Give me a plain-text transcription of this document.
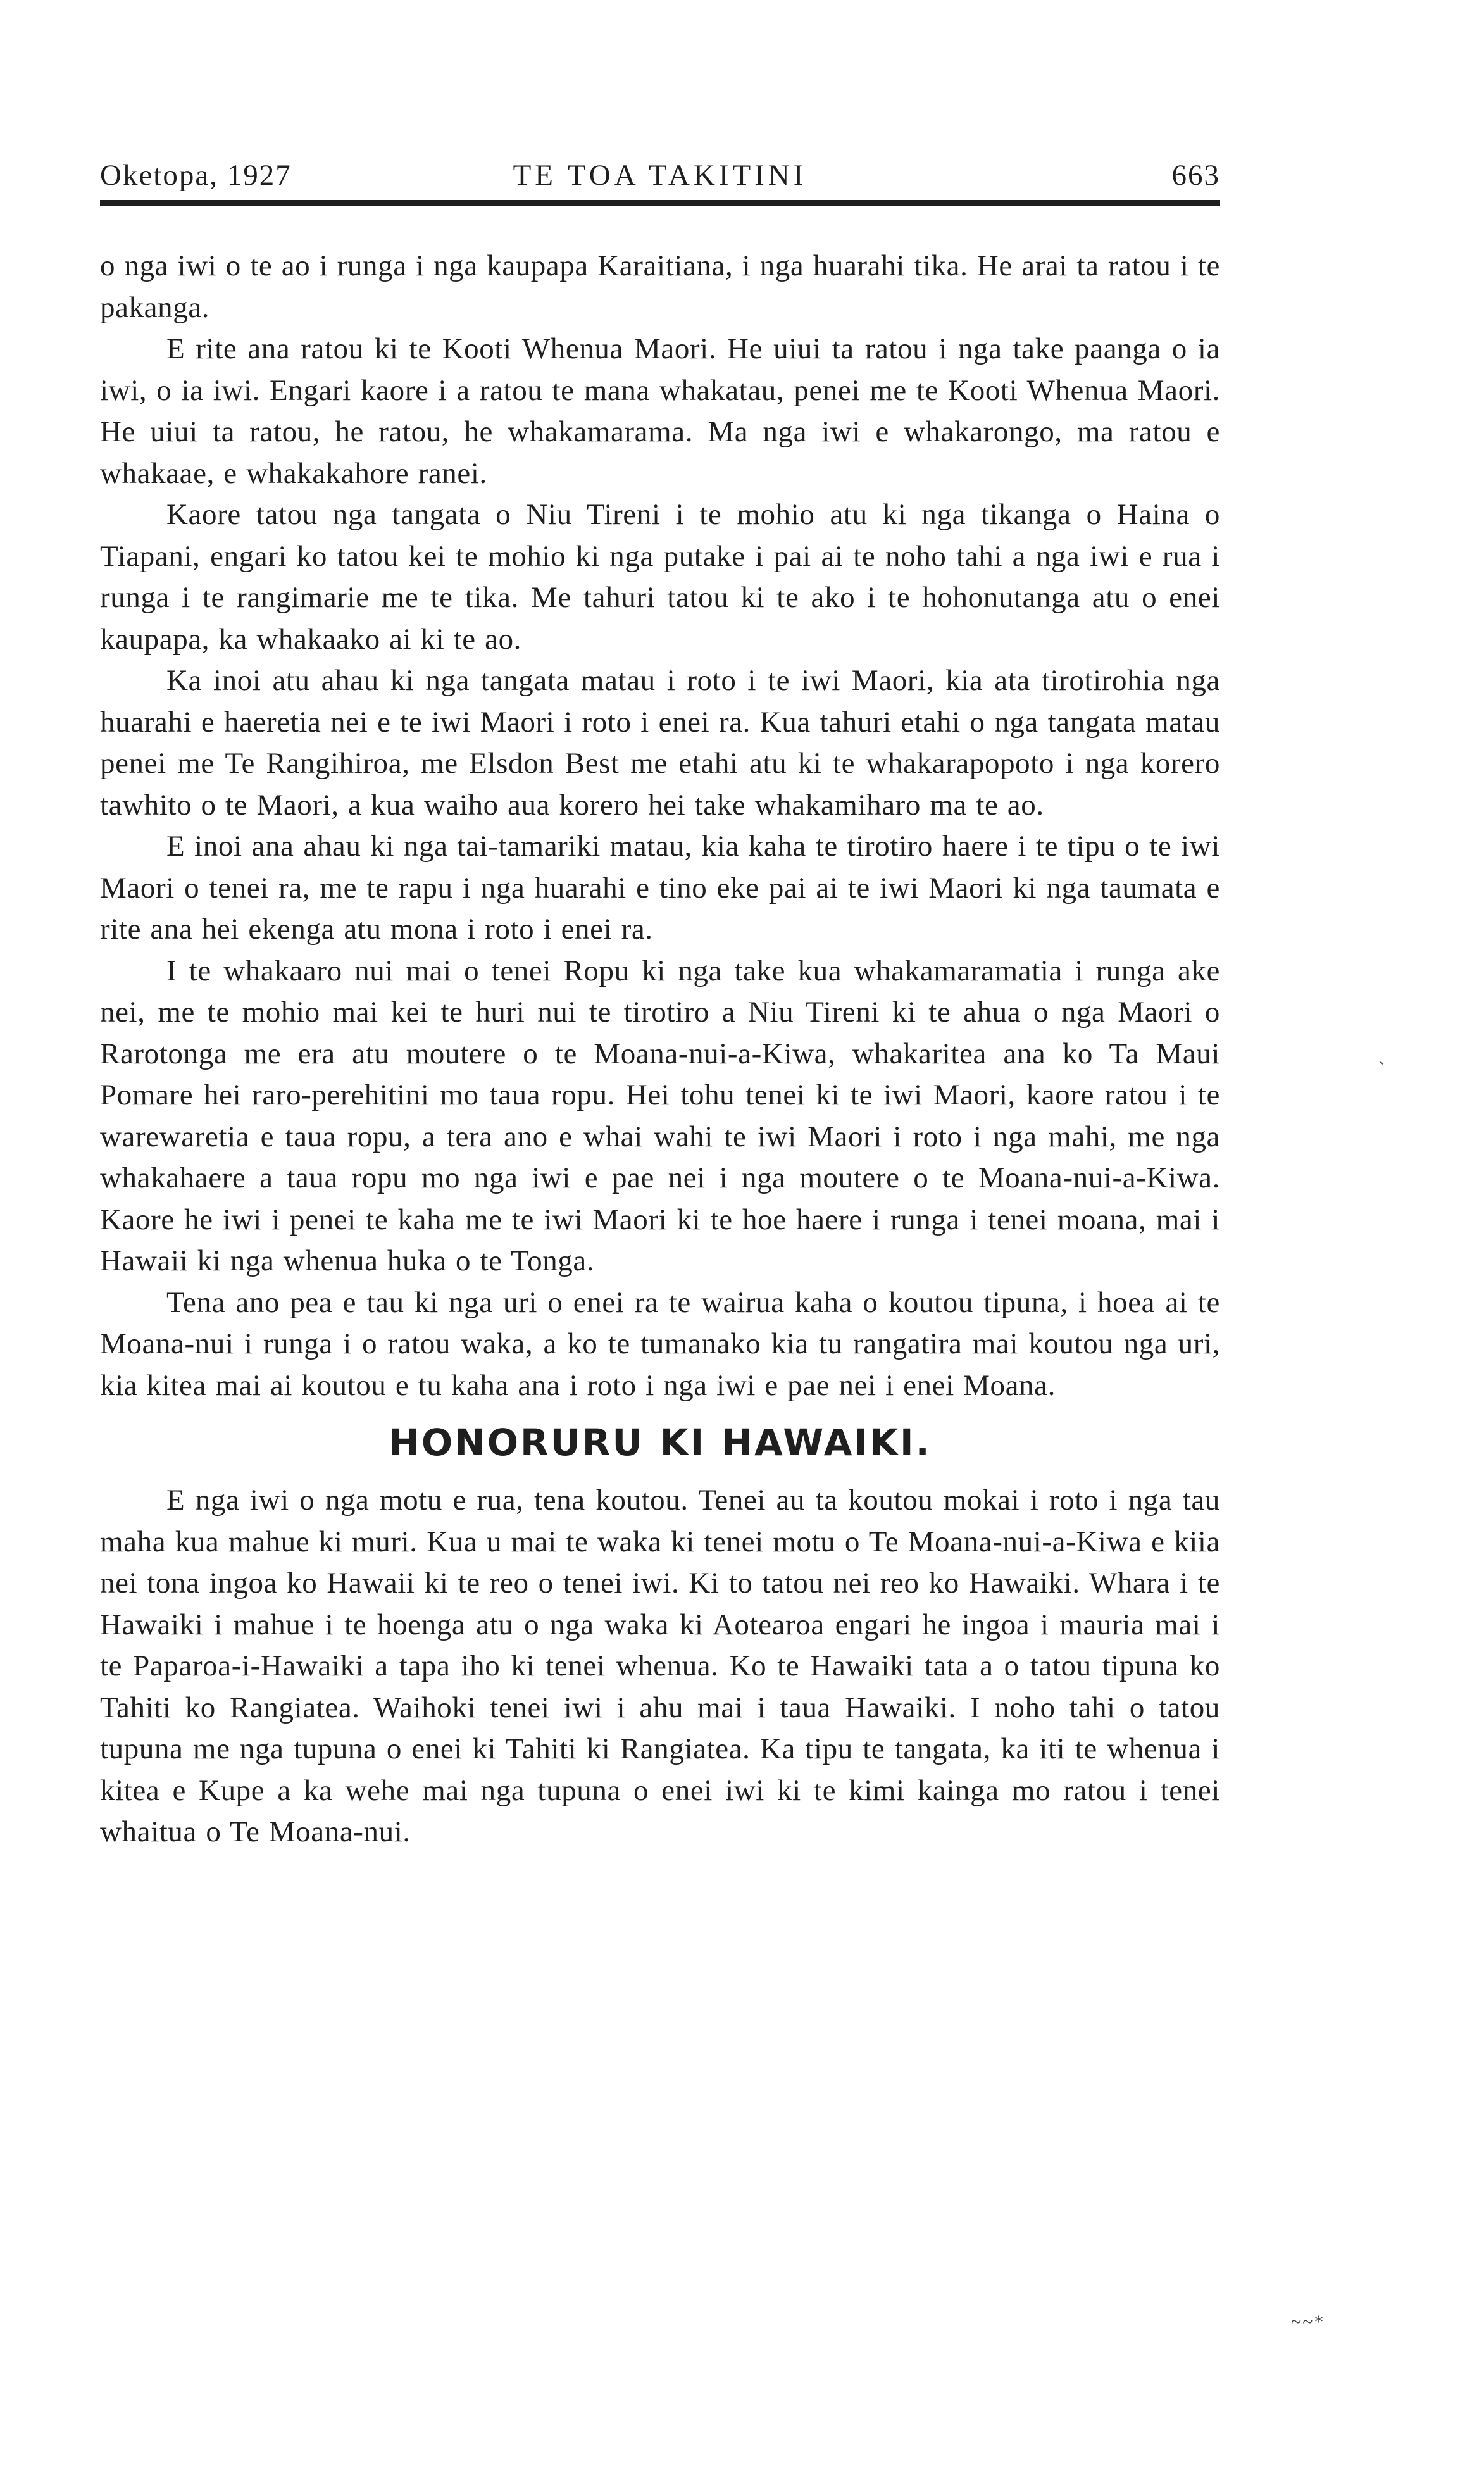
Oketopa, 1927	TE TOA TAKITINI	663

o nga iwi o te ao i runga i nga kaupapa Karaitiana, i nga huarahi tika. He arai ta ratou i te pakanga.

E rite ana ratou ki te Kooti Whenua Maori. He uiui ta ratou i nga take paanga o ia iwi, o ia iwi. Engari kaore i a ratou te mana whakatau, penei me te Kooti Whenua Maori. He uiui ta ratou, he ratou, he whakamarama. Ma nga iwi e whakarongo, ma ratou e whakaae, e whakakahore ranei.

Kaore tatou nga tangata o Niu Tireni i te mohio atu ki nga tikanga o Haina o Tiapani, engari ko tatou kei te mohio ki nga putake i pai ai te noho tahi a nga iwi e rua i runga i te rangimarie me te tika. Me tahuri tatou ki te ako i te hohonutanga atu o enei kaupapa, ka whakaako ai ki te ao.

Ka inoi atu ahau ki nga tangata matau i roto i te iwi Maori, kia ata tirotirohia nga huarahi e haeretia nei e te iwi Maori i roto i enei ra. Kua tahuri etahi o nga tangata matau penei me Te Rangihiroa, me Elsdon Best me etahi atu ki te whakarapopoto i nga korero tawhito o te Maori, a kua waiho aua korero hei take whakamiharo ma te ao.

E inoi ana ahau ki nga tai-tamariki matau, kia kaha te tirotiro haere i te tipu o te iwi Maori o tenei ra, me te rapu i nga huarahi e tino eke pai ai te iwi Maori ki nga taumata e rite ana hei ekenga atu mona i roto i enei ra.

I te whakaaro nui mai o tenei Ropu ki nga take kua whakamaramatia i runga ake nei, me te mohio mai kei te huri nui te tirotiro a Niu Tireni ki te ahua o nga Maori o Rarotonga me era atu moutere o te Moana-nui-a-Kiwa, whakaritea ana ko Ta Maui Pomare hei raro-perehitini mo taua ropu. Hei tohu tenei ki te iwi Maori, kaore ratou i te warewaretia e taua ropu, a tera ano e whai wahi te iwi Maori i roto i nga mahi, me nga whakahaere a taua ropu mo nga iwi e pae nei i nga moutere o te Moana-nui-a-Kiwa. Kaore he iwi i penei te kaha me te iwi Maori ki te hoe haere i runga i tenei moana, mai i Hawaii ki nga whenua huka o te Tonga.

Tena ano pea e tau ki nga uri o enei ra te wairua kaha o koutou tipuna, i hoea ai te Moana-nui i runga i o ratou waka, a ko te tumanako kia tu rangatira mai koutou nga uri, kia kitea mai ai koutou e tu kaha ana i roto i nga iwi e pae nei i enei Moana.

HONORURU KI HAWAIKI.

E nga iwi o nga motu e rua, tena koutou. Tenei au ta koutou mokai i roto i nga tau maha kua mahue ki muri. Kua u mai te waka ki tenei motu o Te Moana-nui-a-Kiwa e kiia nei tona ingoa ko Hawaii ki te reo o tenei iwi. Ki to tatou nei reo ko Hawaiki. Whara i te Hawaiki i mahue i te hoenga atu o nga waka ki Aotearoa engari he ingoa i mauria mai i te Paparoa-i-Hawaiki a tapa iho ki tenei whenua. Ko te Hawaiki tata a o tatou tipuna ko Tahiti ko Rangiatea. Waihoki tenei iwi i ahu mai i taua Hawaiki. I noho tahi o tatou tupuna me nga tupuna o enei ki Tahiti ki Rangiatea. Ka tipu te tangata, ka iti te whenua i kitea e Kupe a ka wehe mai nga tupuna o enei iwi ki te kimi kainga mo ratou i tenei whaitua o Te Moana-nui.

`
~~*
